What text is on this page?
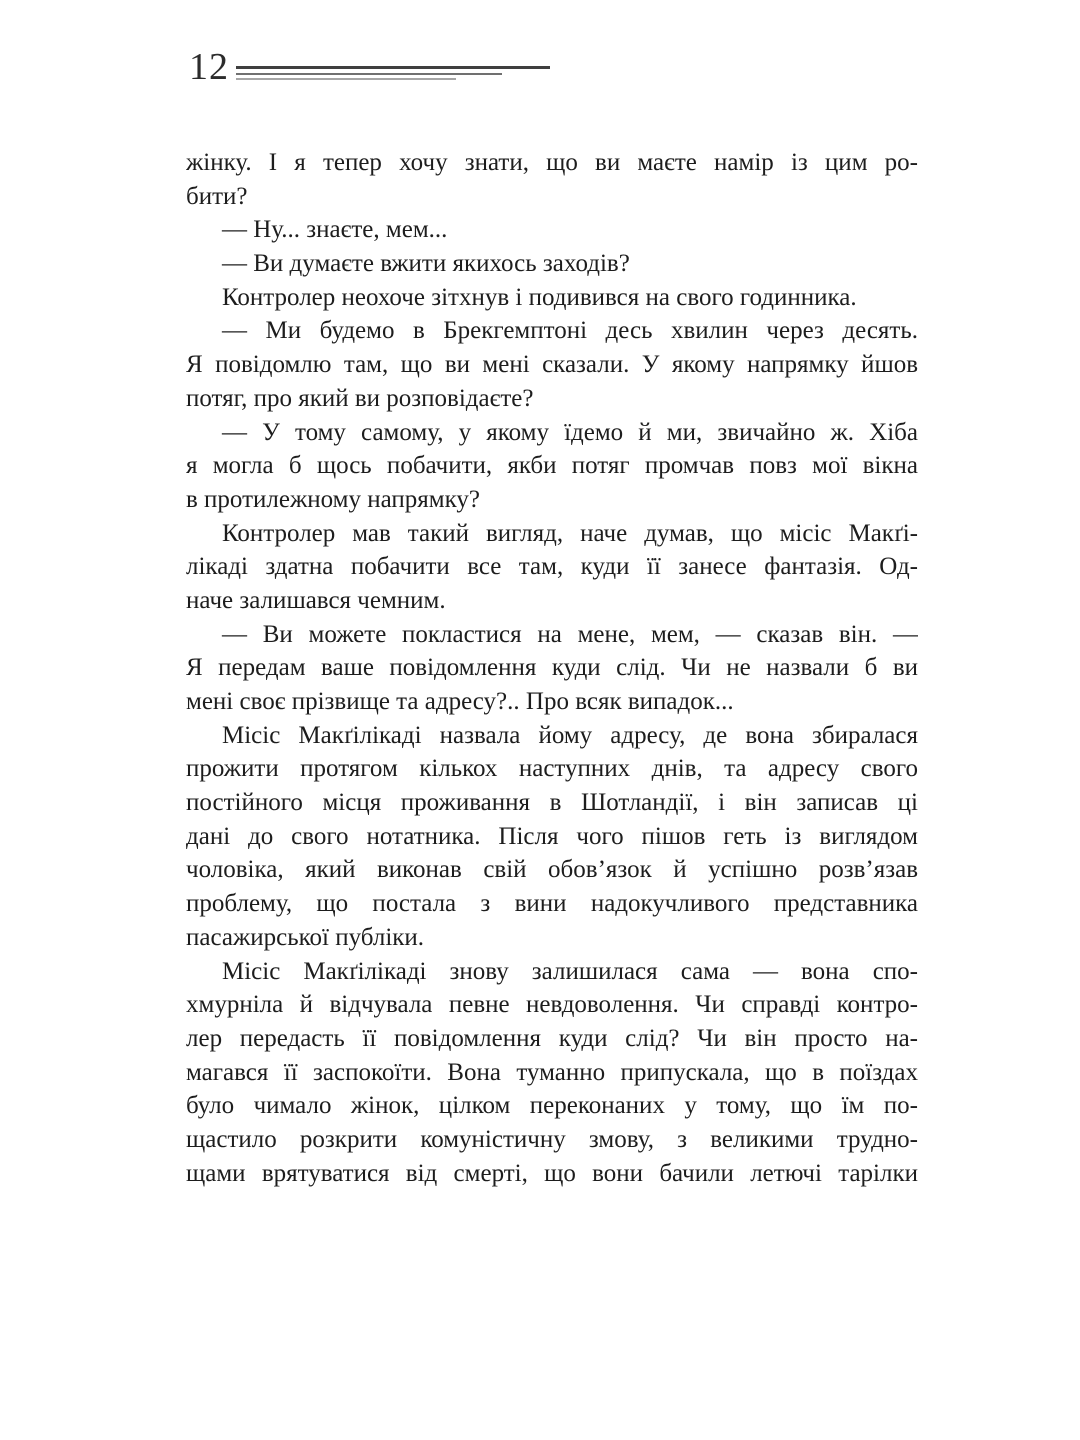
12
жінку. І я тепер хочу знати, що ви маєте намір із цим ро-
бити?
— Ну... знаєте, мем...
— Ви думаєте вжити якихось заходів?
Контролер неохоче зітхнув і подивився на свого годинника.
— Ми будемо в Брекгемптоні десь хвилин через десять.
Я повідомлю там, що ви мені сказали. У якому напрямку йшов
потяг, про який ви розповідаєте?
— У тому самому, у якому їдемо й ми, звичайно ж. Хіба
я могла б щось побачити, якби потяг промчав повз мої вікна
в протилежному напрямку?
Контролер мав такий вигляд, наче думав, що місіс Макґі-
лікаді здатна побачити все там, куди її занесе фантазія. Од-
наче залишався чемним.
— Ви можете покластися на мене, мем, — сказав він. —
Я передам ваше повідомлення куди слід. Чи не назвали б ви
мені своє прізвище та адресу?.. Про всяк випадок...
Місіс Макґілікаді назвала йому адресу, де вона збиралася
прожити протягом кількох наступних днів, та адресу свого
постійного місця проживання в Шотландії, і він записав ці
дані до свого нотатника. Після чого пішов геть із виглядом
чоловіка, який виконав свій обов’язок й успішно розв’язав
проблему, що постала з вини надокучливого представника
пасажирської публіки.
Місіс Макґілікаді знову залишилася сама — вона спо-
хмурніла й відчувала певне невдоволення. Чи справді контро-
лер передасть її повідомлення куди слід? Чи він просто на-
магався її заспокоїти. Вона туманно припускала, що в поїздах
було чимало жінок, цілком переконаних у тому, що їм по-
щастило розкрити комуністичну змову, з великими трудно-
щами врятуватися від смерті, що вони бачили летючі тарілки
